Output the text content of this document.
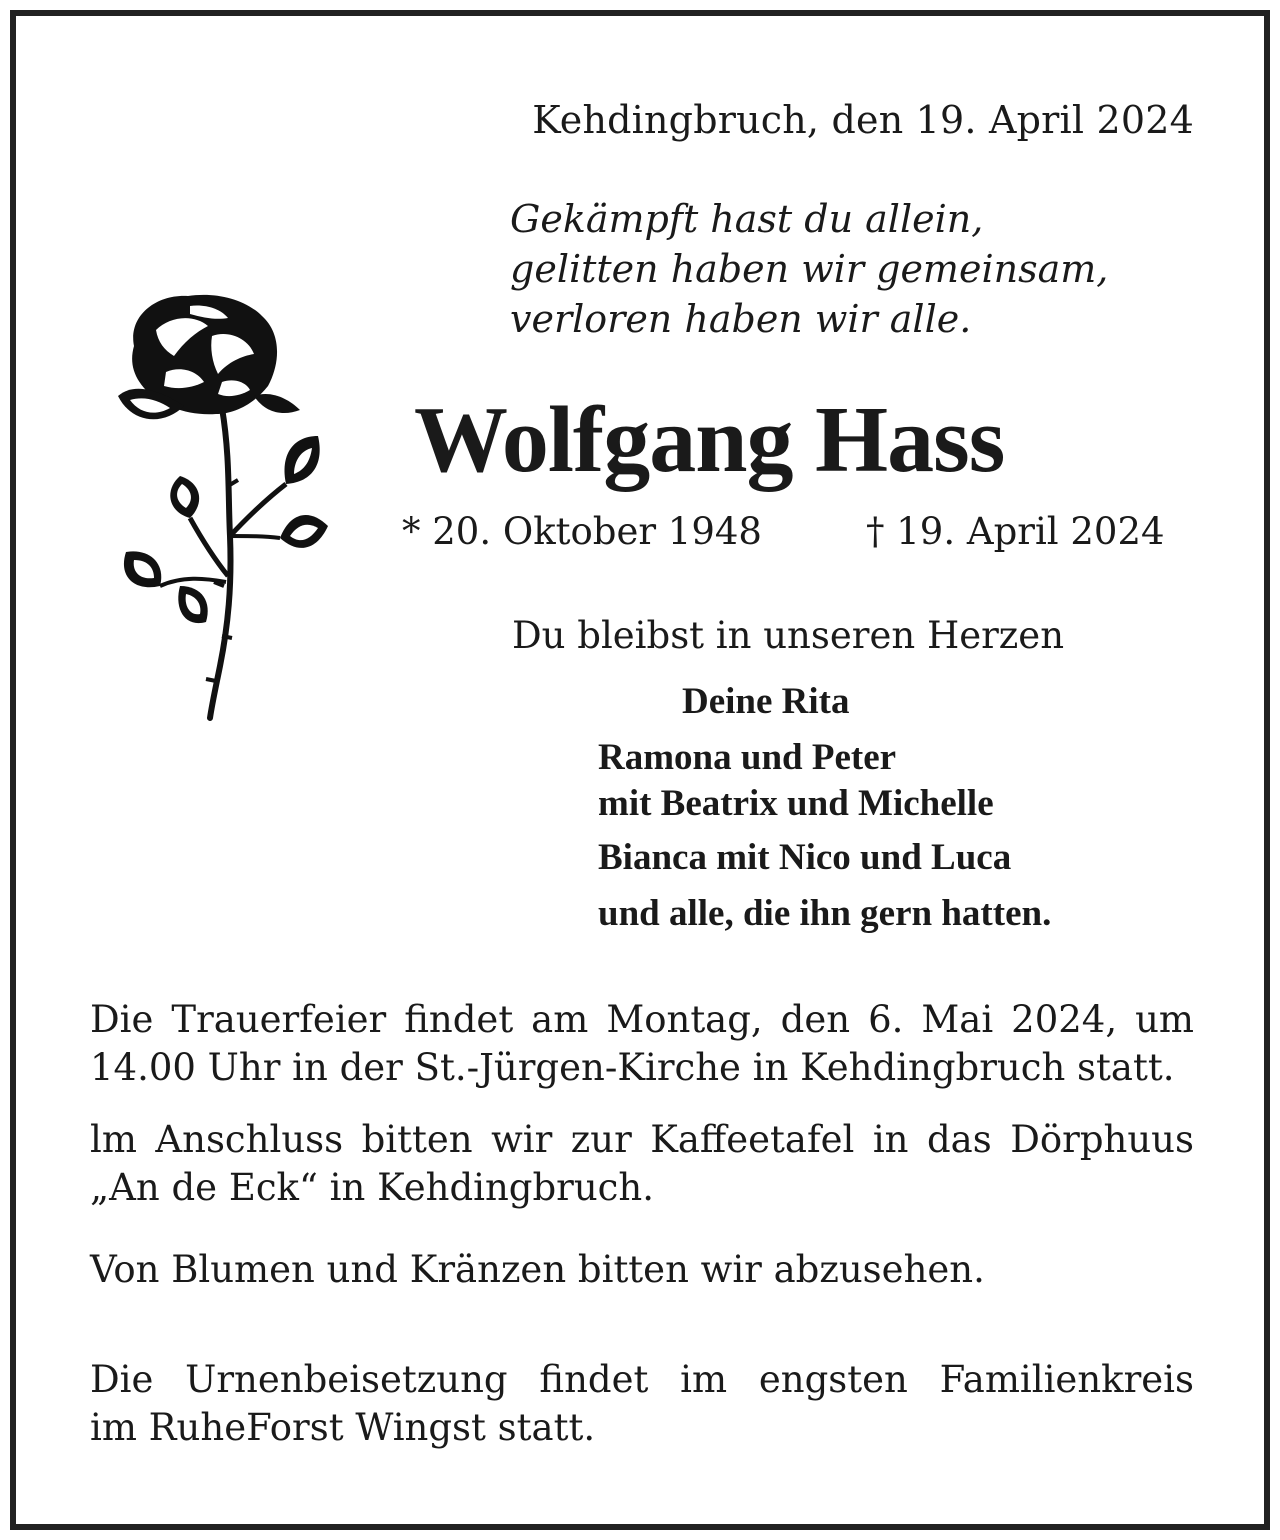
Kehdingbruch, den 19. April 2024
Gekämpft hast du allein,
gelitten haben wir gemeinsam,
verloren haben wir alle.
Wolfgang Hass
* 20. Oktober 1948	† 19. April 2024
Du bleibst in unseren Herzen
Deine Rita
Ramona und Peter
mit Beatrix und Michelle
Bianca mit Nico und Luca
und alle, die ihn gern hatten.
Die Trauerfeier findet am Montag, den 6. Mai 2024, um
14.00 Uhr in der St.-Jürgen-Kirche in Kehdingbruch statt.
lm Anschluss bitten wir zur Kaffeetafel in das Dörphuus
„An de Eck“ in Kehdingbruch.
Von Blumen und Kränzen bitten wir abzusehen.
Die Urnenbeisetzung findet im engsten Familienkreis
im RuheForst Wingst statt.
